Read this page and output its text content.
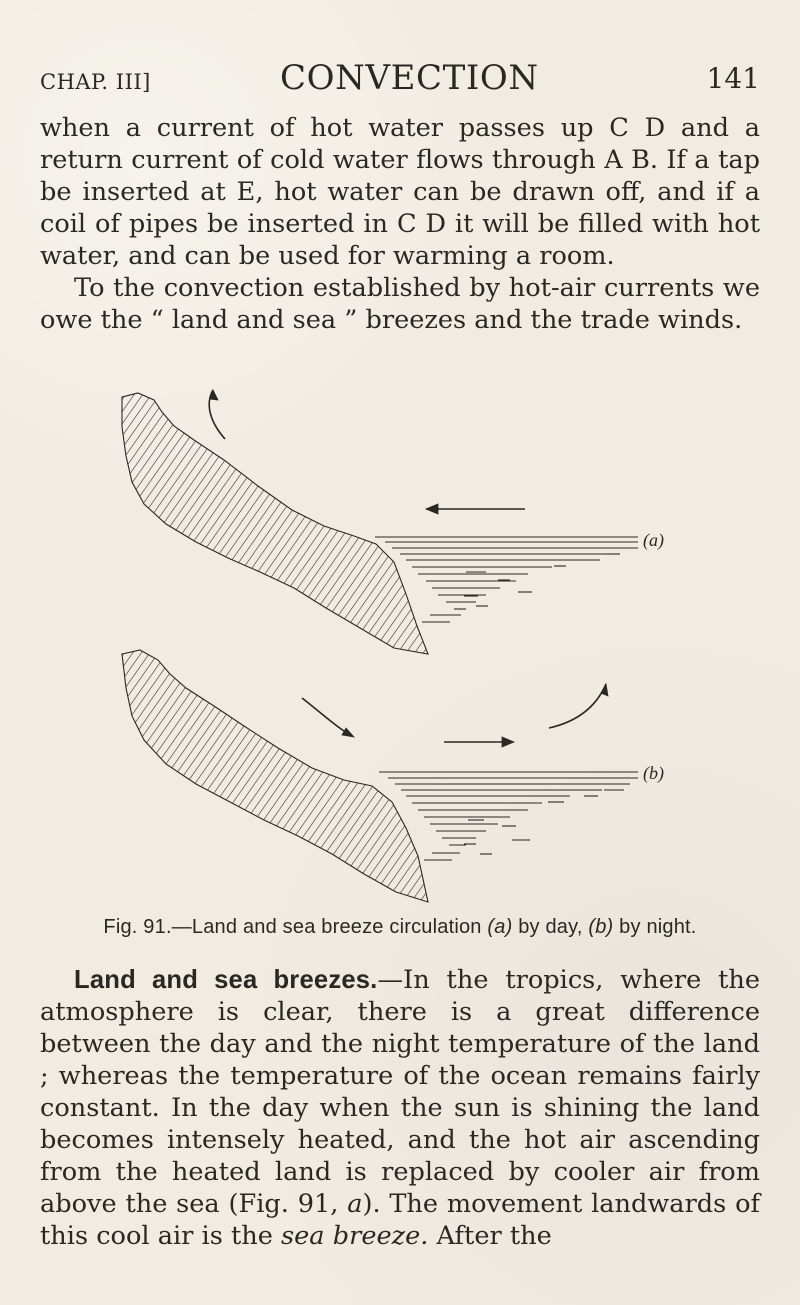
CHAP. III]	CONVECTION	141

when a current of hot water passes up C D and a return current of cold water flows through A B. If a tap be inserted at E, hot water can be drawn off, and if a coil of pipes be inserted in C D it will be filled with hot water, and can be used for warming a room.

To the convection established by hot-air currents we owe the “ land and sea ” breezes and the trade winds.

(a)
(b)
Fig. 91.—Land and sea breeze circulation (a) by day, (b) by night.

Land and sea breezes.—In the tropics, where the atmosphere is clear, there is a great difference between the day and the night temperature of the land ; whereas the temperature of the ocean remains fairly constant. In the day when the sun is shining the land becomes intensely heated, and the hot air ascending from the heated land is replaced by cooler air from above the sea (Fig. 91, a). The movement landwards of this cool air is the sea breeze. After the
